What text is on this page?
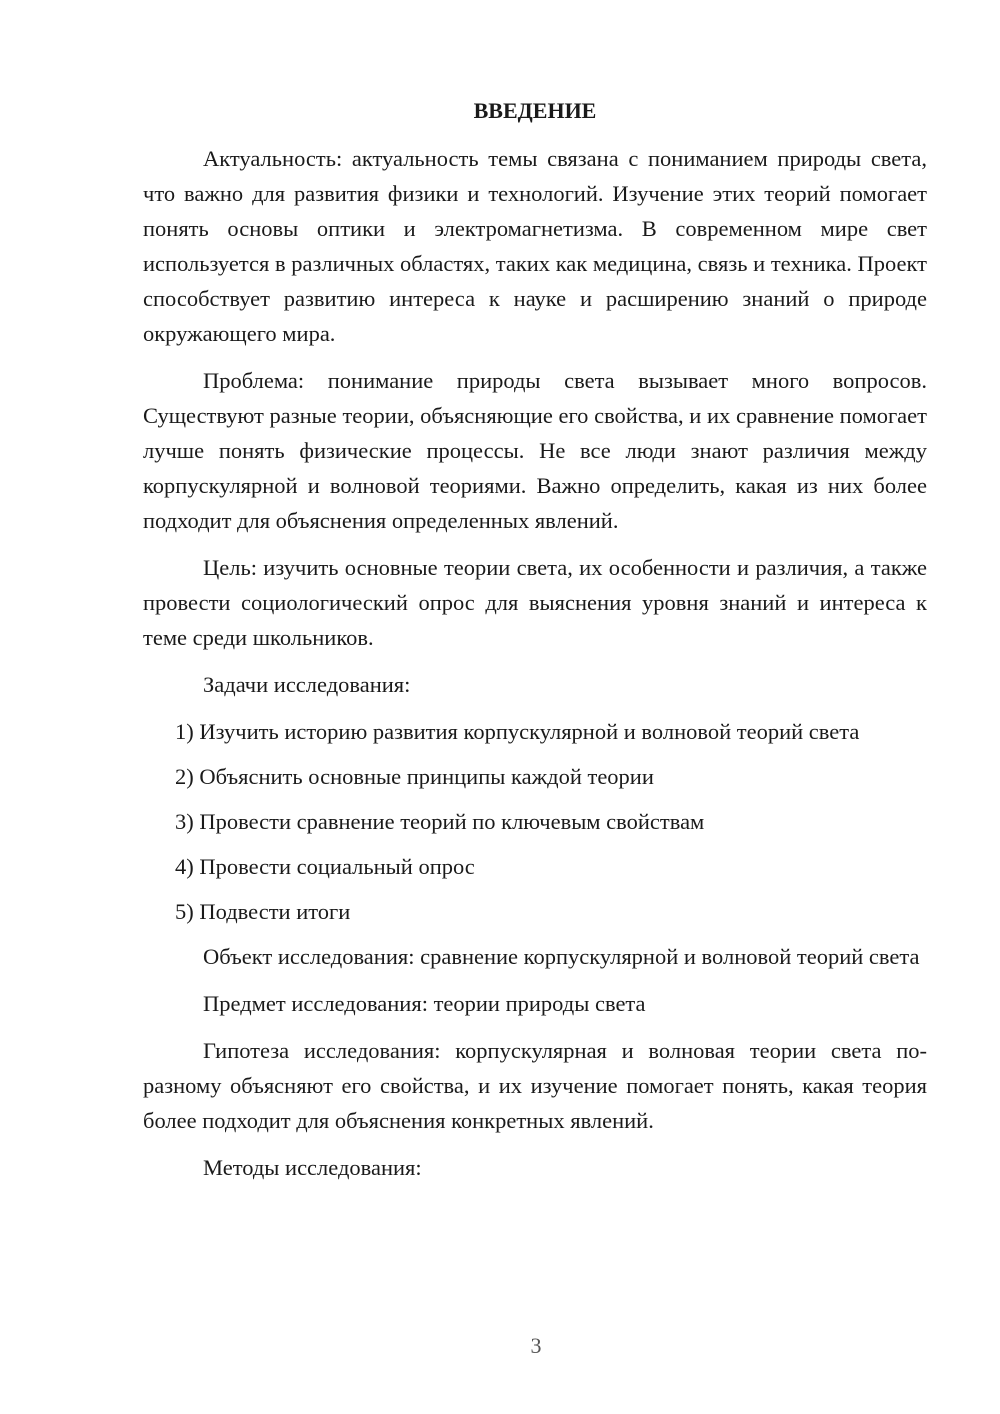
ВВЕДЕНИЕ

Актуальность: актуальность темы связана с пониманием природы света, что важно для развития физики и технологий. Изучение этих теорий помогает понять основы оптики и электромагнетизма. В современном мире свет используется в различных областях, таких как медицина, связь и техника. Проект способствует развитию интереса к науке и расширению знаний о природе окружающего мира.

Проблема: понимание природы света вызывает много вопросов. Существуют разные теории, объясняющие его свойства, и их сравнение помогает лучше понять физические процессы. Не все люди знают различия между корпускулярной и волновой теориями. Важно определить, какая из них более подходит для объяснения определенных явлений.

Цель: изучить основные теории света, их особенности и различия, а также провести социологический опрос для выяснения уровня знаний и интереса к теме среди школьников.

Задачи исследования:

1) Изучить историю развития корпускулярной и волновой теорий света

2) Объяснить основные принципы каждой теории

3) Провести сравнение теорий по ключевым свойствам

4) Провести социальный опрос

5) Подвести итоги

Объект исследования: сравнение корпускулярной и волновой теорий света

Предмет исследования: теории природы света

Гипотеза исследования: корпускулярная и волновая теории света по-разному объясняют его свойства, и их изучение помогает понять, какая теория более подходит для объяснения конкретных явлений.

Методы исследования:

3
